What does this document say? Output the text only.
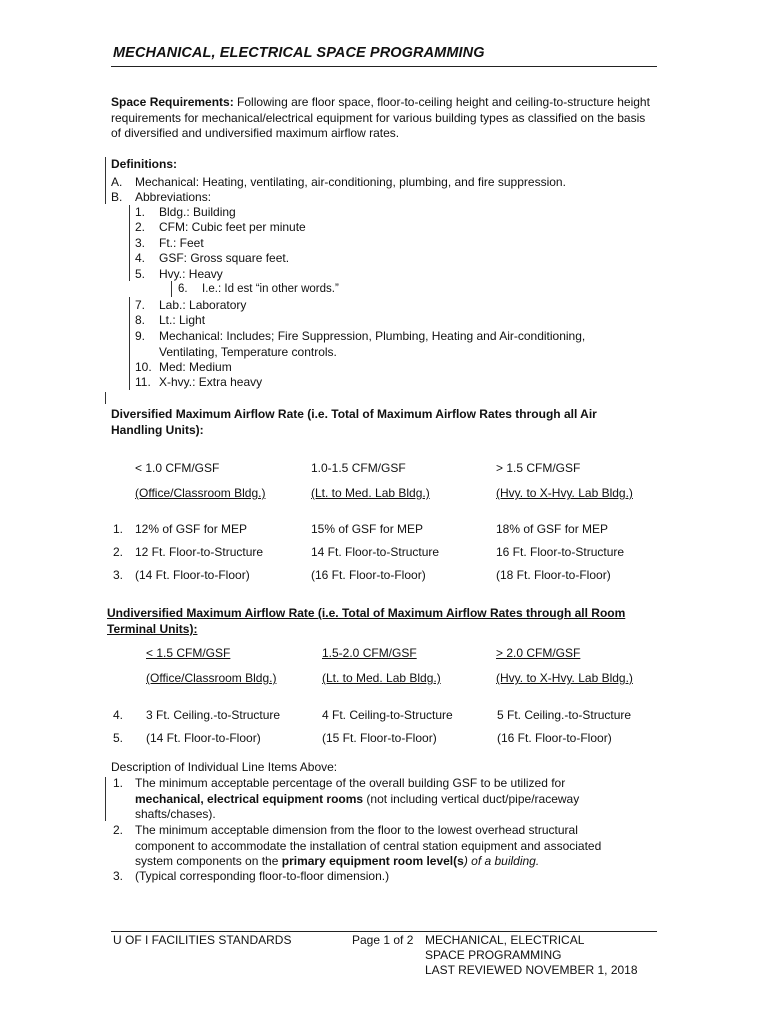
MECHANICAL, ELECTRICAL SPACE PROGRAMMING
Space Requirements: Following are floor space, floor-to-ceiling height and ceiling-to-structure height requirements for mechanical/electrical equipment for various building types as classified on the basis of diversified and undiversified maximum airflow rates.
Definitions:
A. Mechanical: Heating, ventilating, air-conditioning, plumbing, and fire suppression.
B. Abbreviations:
1. Bldg.: Building
2. CFM: Cubic feet per minute
3. Ft.: Feet
4. GSF: Gross square feet.
5. Hvy.: Heavy
6. I.e.: Id est “in other words.”
7. Lab.: Laboratory
8. Lt.: Light
9. Mechanical: Includes; Fire Suppression, Plumbing, Heating and Air-conditioning, Ventilating, Temperature controls.
10. Med: Medium
11. X-hvy.: Extra heavy
Diversified Maximum Airflow Rate (i.e. Total of Maximum Airflow Rates through all Air Handling Units):
< 1.0 CFM/GSF	1.0-1.5 CFM/GSF	> 1.5 CFM/GSF
(Office/Classroom Bldg.)	(Lt. to Med. Lab Bldg.)	(Hvy. to X-Hvy. Lab Bldg.)
1. 12% of GSF for MEP	15% of GSF for MEP	18% of GSF for MEP
2. 12 Ft. Floor-to-Structure	14 Ft. Floor-to-Structure	16 Ft. Floor-to-Structure
3. (14 Ft. Floor-to-Floor)	(16 Ft. Floor-to-Floor)	(18 Ft. Floor-to-Floor)
Undiversified Maximum Airflow Rate (i.e. Total of Maximum Airflow Rates through all Room Terminal Units):
< 1.5 CFM/GSF	1.5-2.0 CFM/GSF	> 2.0 CFM/GSF
(Office/Classroom Bldg.)	(Lt. to Med. Lab Bldg.)	(Hvy. to X-Hvy. Lab Bldg.)
4. 3 Ft. Ceiling.-to-Structure	4 Ft. Ceiling-to-Structure	5 Ft. Ceiling.-to-Structure
5. (14 Ft. Floor-to-Floor)	(15 Ft. Floor-to-Floor)	(16 Ft. Floor-to-Floor)
Description of Individual Line Items Above:
1. The minimum acceptable percentage of the overall building GSF to be utilized for mechanical, electrical equipment rooms (not including vertical duct/pipe/raceway shafts/chases).
2. The minimum acceptable dimension from the floor to the lowest overhead structural component to accommodate the installation of central station equipment and associated system components on the primary equipment room level(s) of a building.
3. (Typical corresponding floor-to-floor dimension.)
U OF I FACILITIES STANDARDS	Page 1 of 2 MECHANICAL, ELECTRICAL
SPACE PROGRAMMING
LAST REVIEWED NOVEMBER 1, 2018
